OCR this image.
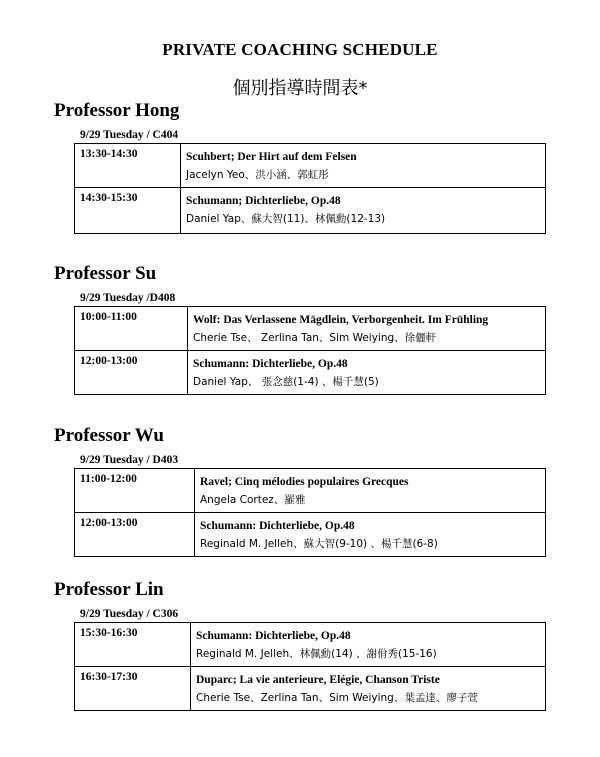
PRIVATE COACHING SCHEDULE
個別指導時間表*
Professor Hong
9/29 Tuesday / C404
13:30-14:30	Scuhbert; Der Hirt auf dem Felsen
Jacelyn Yeo、洪小涵、郭虹彤

14:30-15:30	Schumann; Dichterliebe, Op.48
Daniel Yap、蘇大智(11)、林佩勳(12-13)
Professor Su
9/29 Tuesday /D408
10:00-11:00	Wolf: Das Verlassene Mägdlein, Verborgenheit. Im Frühling
Cherie Tse、 Zerlina Tan、Sim Weiying、徐儷軒

12:00-13:00	Schumann: Dichterliebe, Op.48
Daniel Yap、 張念慈(1-4) 、楊千慧(5)
Professor Wu
9/29 Tuesday / D403
11:00-12:00	Ravel; Cinq mélodies populaires Grecques
Angela Cortez、羅雅

12:00-13:00	Schumann: Dichterliebe, Op.48
Reginald M. Jelleh、蘇大智(9-10) 、楊千慧(6-8)
Professor Lin
9/29 Tuesday / C306
15:30-16:30	Schumann: Dichterliebe, Op.48
Reginald M. Jelleh、林佩勳(14) 、謝佾秀(15-16)

16:30-17:30	Duparc; La vie anterieure, Elégie, Chanson Triste
Cherie Tse、Zerlina Tan、Sim Weiying、葉孟達、廖子萱
